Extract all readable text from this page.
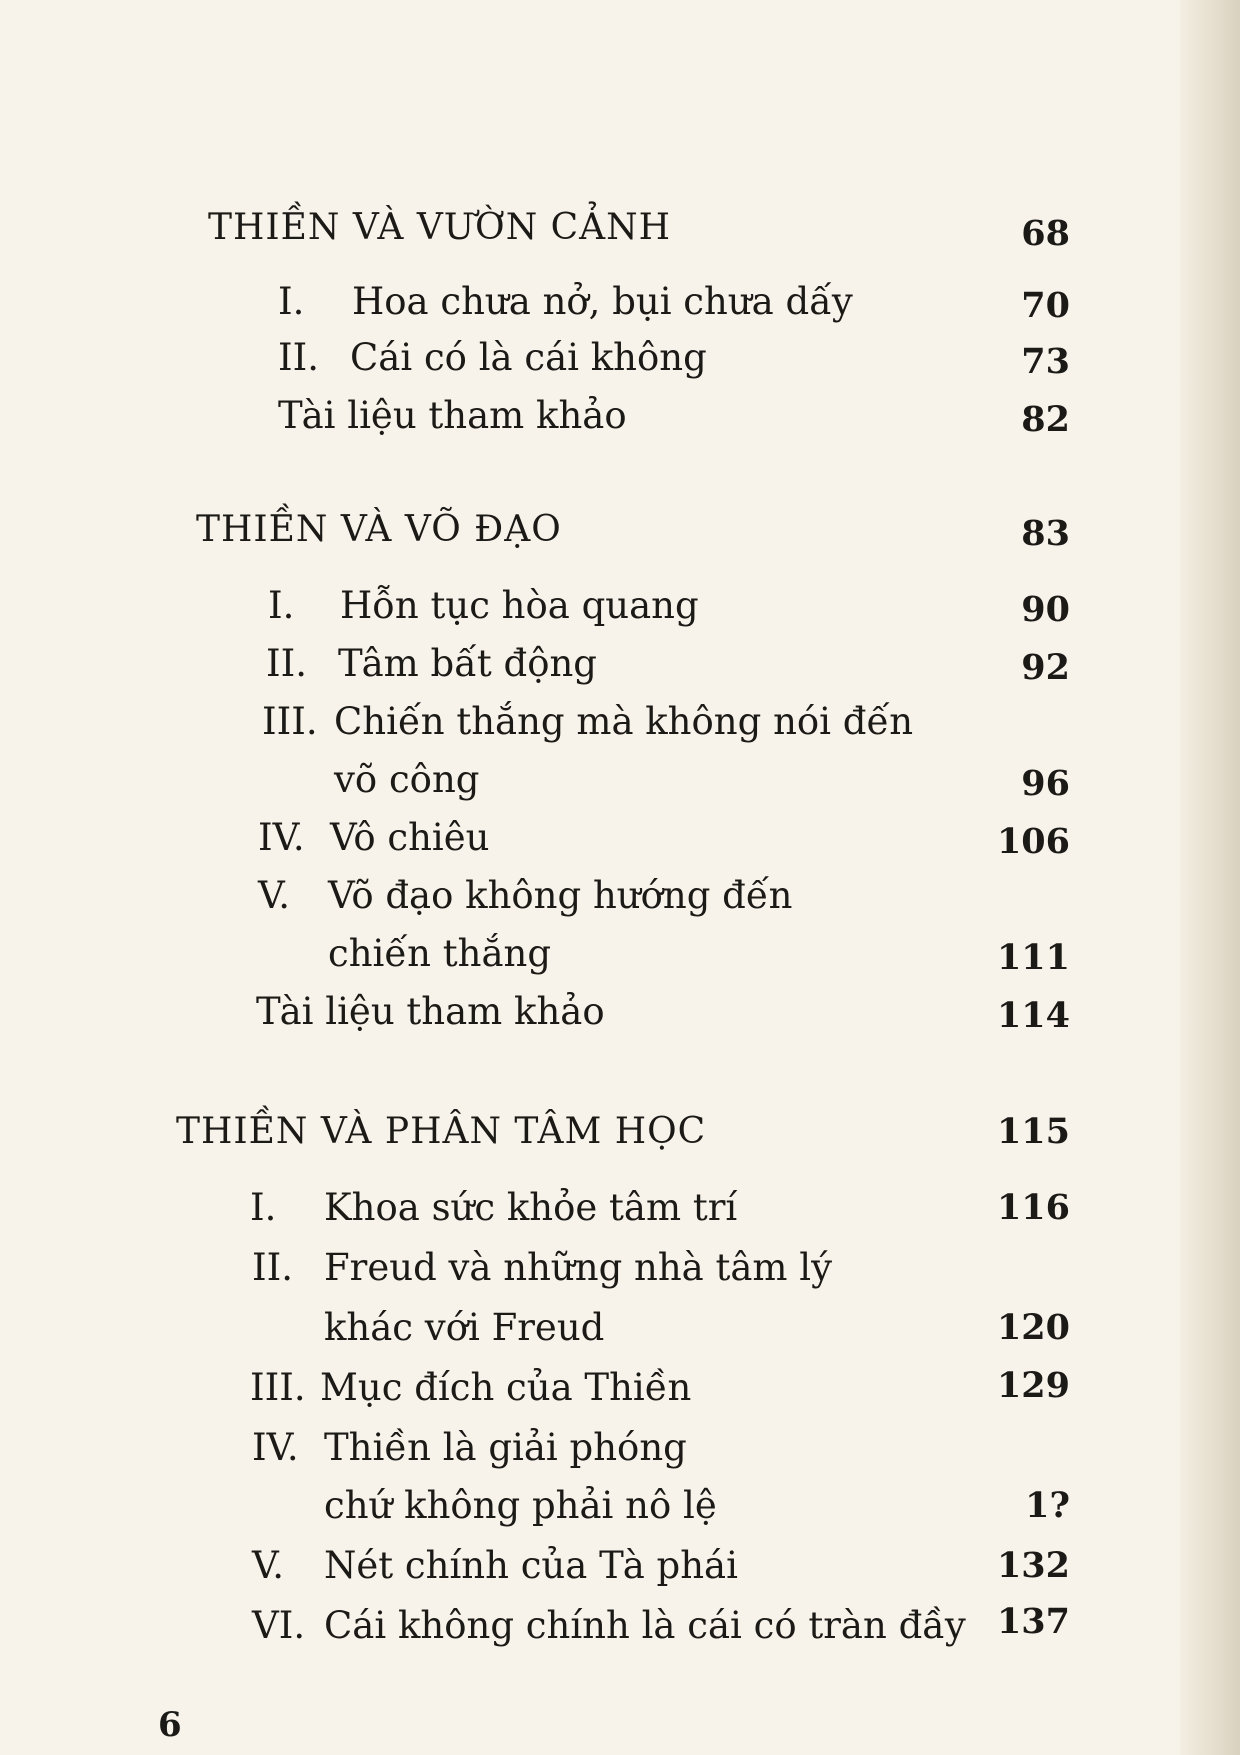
THIỀN VÀ VƯỜN CẢNH	68
I. Hoa chưa nở, bụi chưa dấy	70
II. Cái có là cái không	73
Tài liệu tham khảo	82
THIỀN VÀ VÕ ĐẠO	83
I. Hỗn tục hòa quang	90
II. Tâm bất động	92
III. Chiến thắng mà không nói đến
võ công	96
IV. Vô chiêu	106
V. Võ đạo không hướng đến
chiến thắng	111
Tài liệu tham khảo	114
THIỀN VÀ PHÂN TÂM HỌC	115
I. Khoa sức khỏe tâm trí	116
II. Freud và những nhà tâm lý
khác với Freud	120
III. Mục đích của Thiền	129
IV. Thiền là giải phóng
chứ không phải nô lệ	1?
V. Nét chính của Tà phái	132
VI. Cái không chính là cái có tràn đầy 137
6
